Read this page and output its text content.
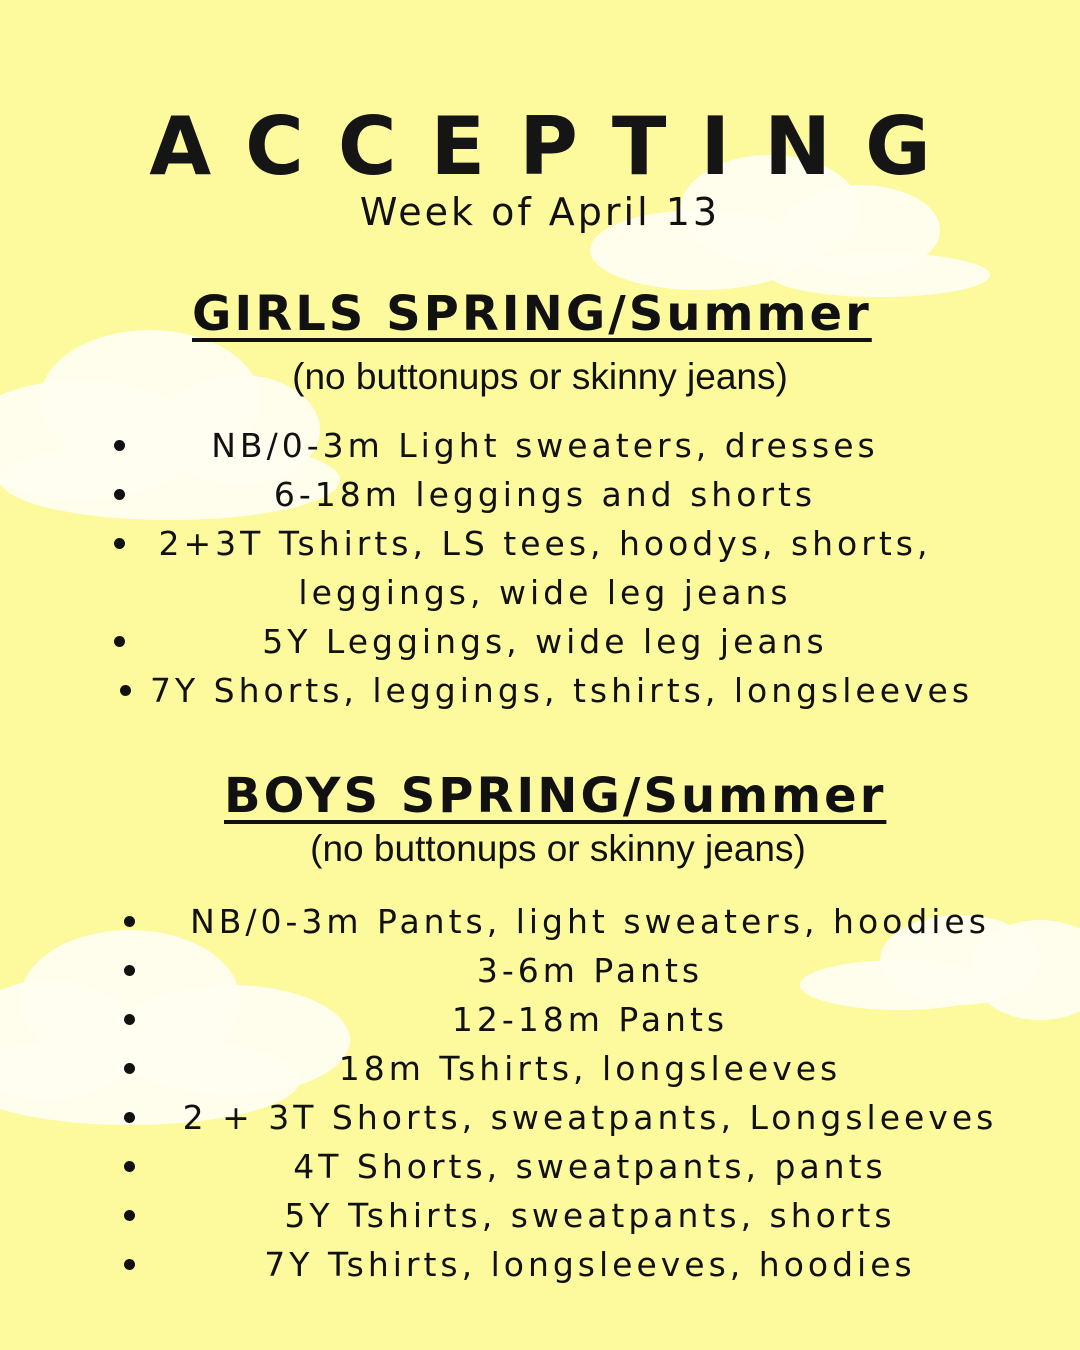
ACCEPTING

Week of April 13

GIRLS SPRING/Summer

(no buttonups or skinny jeans)

NB/0-3m Light sweaters, dresses
6-18m leggings and shorts
2+3T Tshirts, LS tees, hoodys, shorts,
leggings, wide leg jeans
5Y Leggings, wide leg jeans
7Y Shorts, leggings, tshirts, longsleeves
BOYS SPRING/Summer

(no buttonups or skinny jeans)

NB/0-3m Pants, light sweaters, hoodies
3-6m Pants
12-18m Pants
18m Tshirts, longsleeves
2 + 3T Shorts, sweatpants, Longsleeves
4T Shorts, sweatpants, pants
5Y Tshirts, sweatpants, shorts
7Y Tshirts, longsleeves, hoodies
